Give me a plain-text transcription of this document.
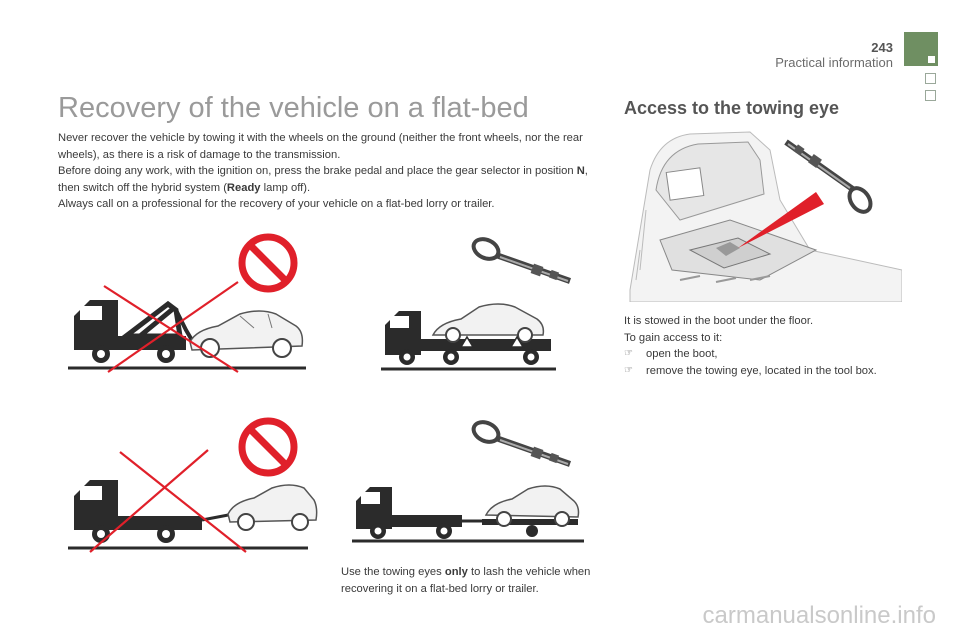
243
Practical information
Recovery of the vehicle on a flat-bed

Never recover the vehicle by towing it with the wheels on the ground (neither the front wheels, nor the rear wheels), as there is a risk of damage to the transmission.

Before doing any work, with the ignition on, press the brake pedal and place the gear selector in position N, then switch off the hybrid system (Ready lamp off).

Always call on a professional for the recovery of your vehicle on a flat-bed lorry or trailer.

Use the towing eyes only to lash the vehicle when recovering it on a flat-bed lorry or trailer.
Access to the towing eye

It is stowed in the boot under the floor.

To gain access to it:

☞	open the boot,
☞	remove the towing eye, located in the tool box.
carmanualsonline.info
